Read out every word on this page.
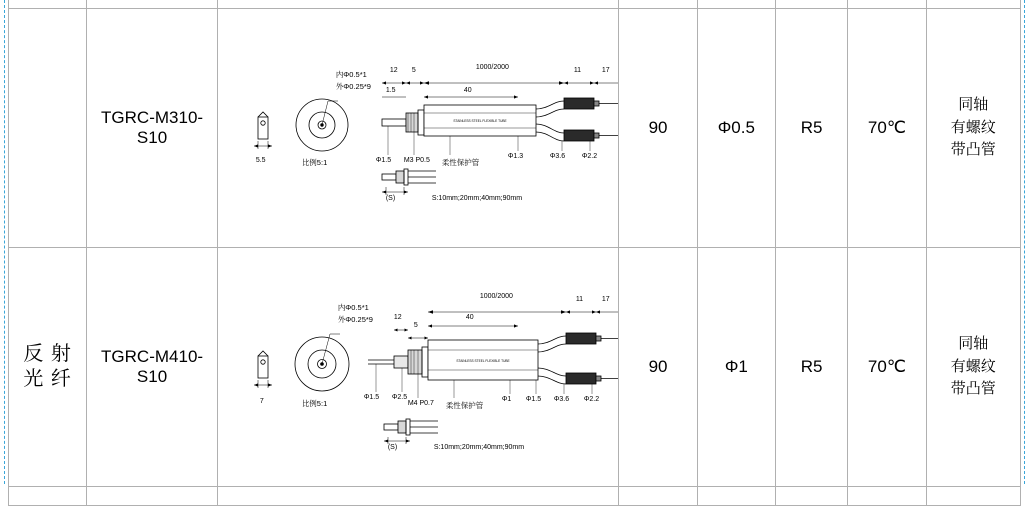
	TGRC-M310-S10	
STAINLESS STEEL FLEXIBLE TUBE
内Φ0.5*1
外Φ0.25*9
比例5:1
5.5
1000/2000
12 5
1.5	40
11	17
Φ1.5 M3 P0.5 柔性保护管
Φ1.3	Φ3.6 Φ2.2
(S)	S:10mm;20mm;40mm;90mm
	90	Φ0.5	R5	70℃	
同轴
有螺纹
带凸管

反 射
光 纤
	TGRC-M410-S10	
STAINLESS STEEL FLEXIBLE TUBE
内Φ0.5*1
外Φ0.25*9
比例5:1
7
1000/2000
12
5
40
11	17
Φ1.5 Φ2.5
M4 P0.7 柔性保护管
Φ1 Φ1.5 Φ3.6 Φ2.2
(S)	S:10mm;20mm;40mm;90mm
	90	Φ1	R5	70℃	
同轴
有螺纹
带凸管
